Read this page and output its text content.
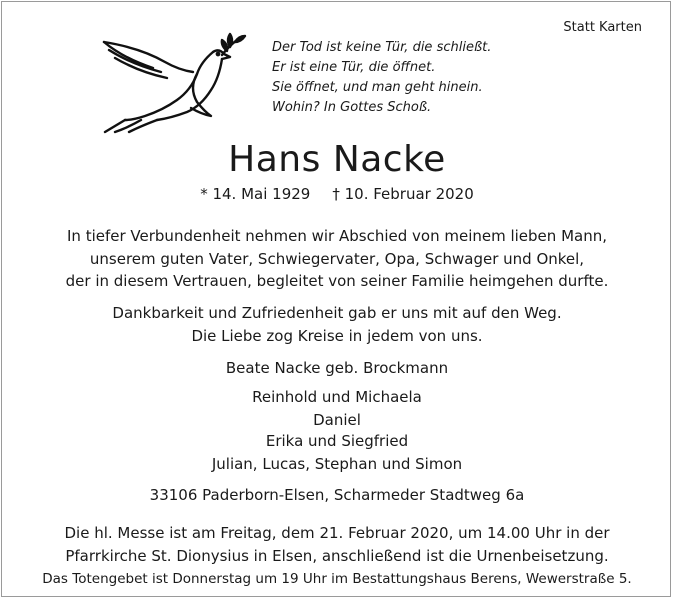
Statt Karten
Der Tod ist keine Tür, die schließt.
Er ist eine Tür, die öffnet.
Sie öffnet, und man geht hinein.
Wohin? In Gottes Schoß.
Hans Nacke
* 14. Mai 1929 † 10. Februar 2020
In tiefer Verbundenheit nehmen wir Abschied von meinem lieben Mann,
unserem guten Vater, Schwiegervater, Opa, Schwager und Onkel,
der in diesem Vertrauen, begleitet von seiner Familie heimgehen durfte.
Dankbarkeit und Zufriedenheit gab er uns mit auf den Weg.
Die Liebe zog Kreise in jedem von uns.
Beate Nacke geb. Brockmann
Reinhold und Michaela
Daniel
Erika und Siegfried
Julian, Lucas, Stephan und Simon
33106 Paderborn-Elsen, Scharmeder Stadtweg 6a
Die hl. Messe ist am Freitag, dem 21. Februar 2020, um 14.00 Uhr in der
Pfarrkirche St. Dionysius in Elsen, anschließend ist die Urnenbeisetzung.
Das Totengebet ist Donnerstag um 19 Uhr im Bestattungshaus Berens, Wewerstraße 5.
